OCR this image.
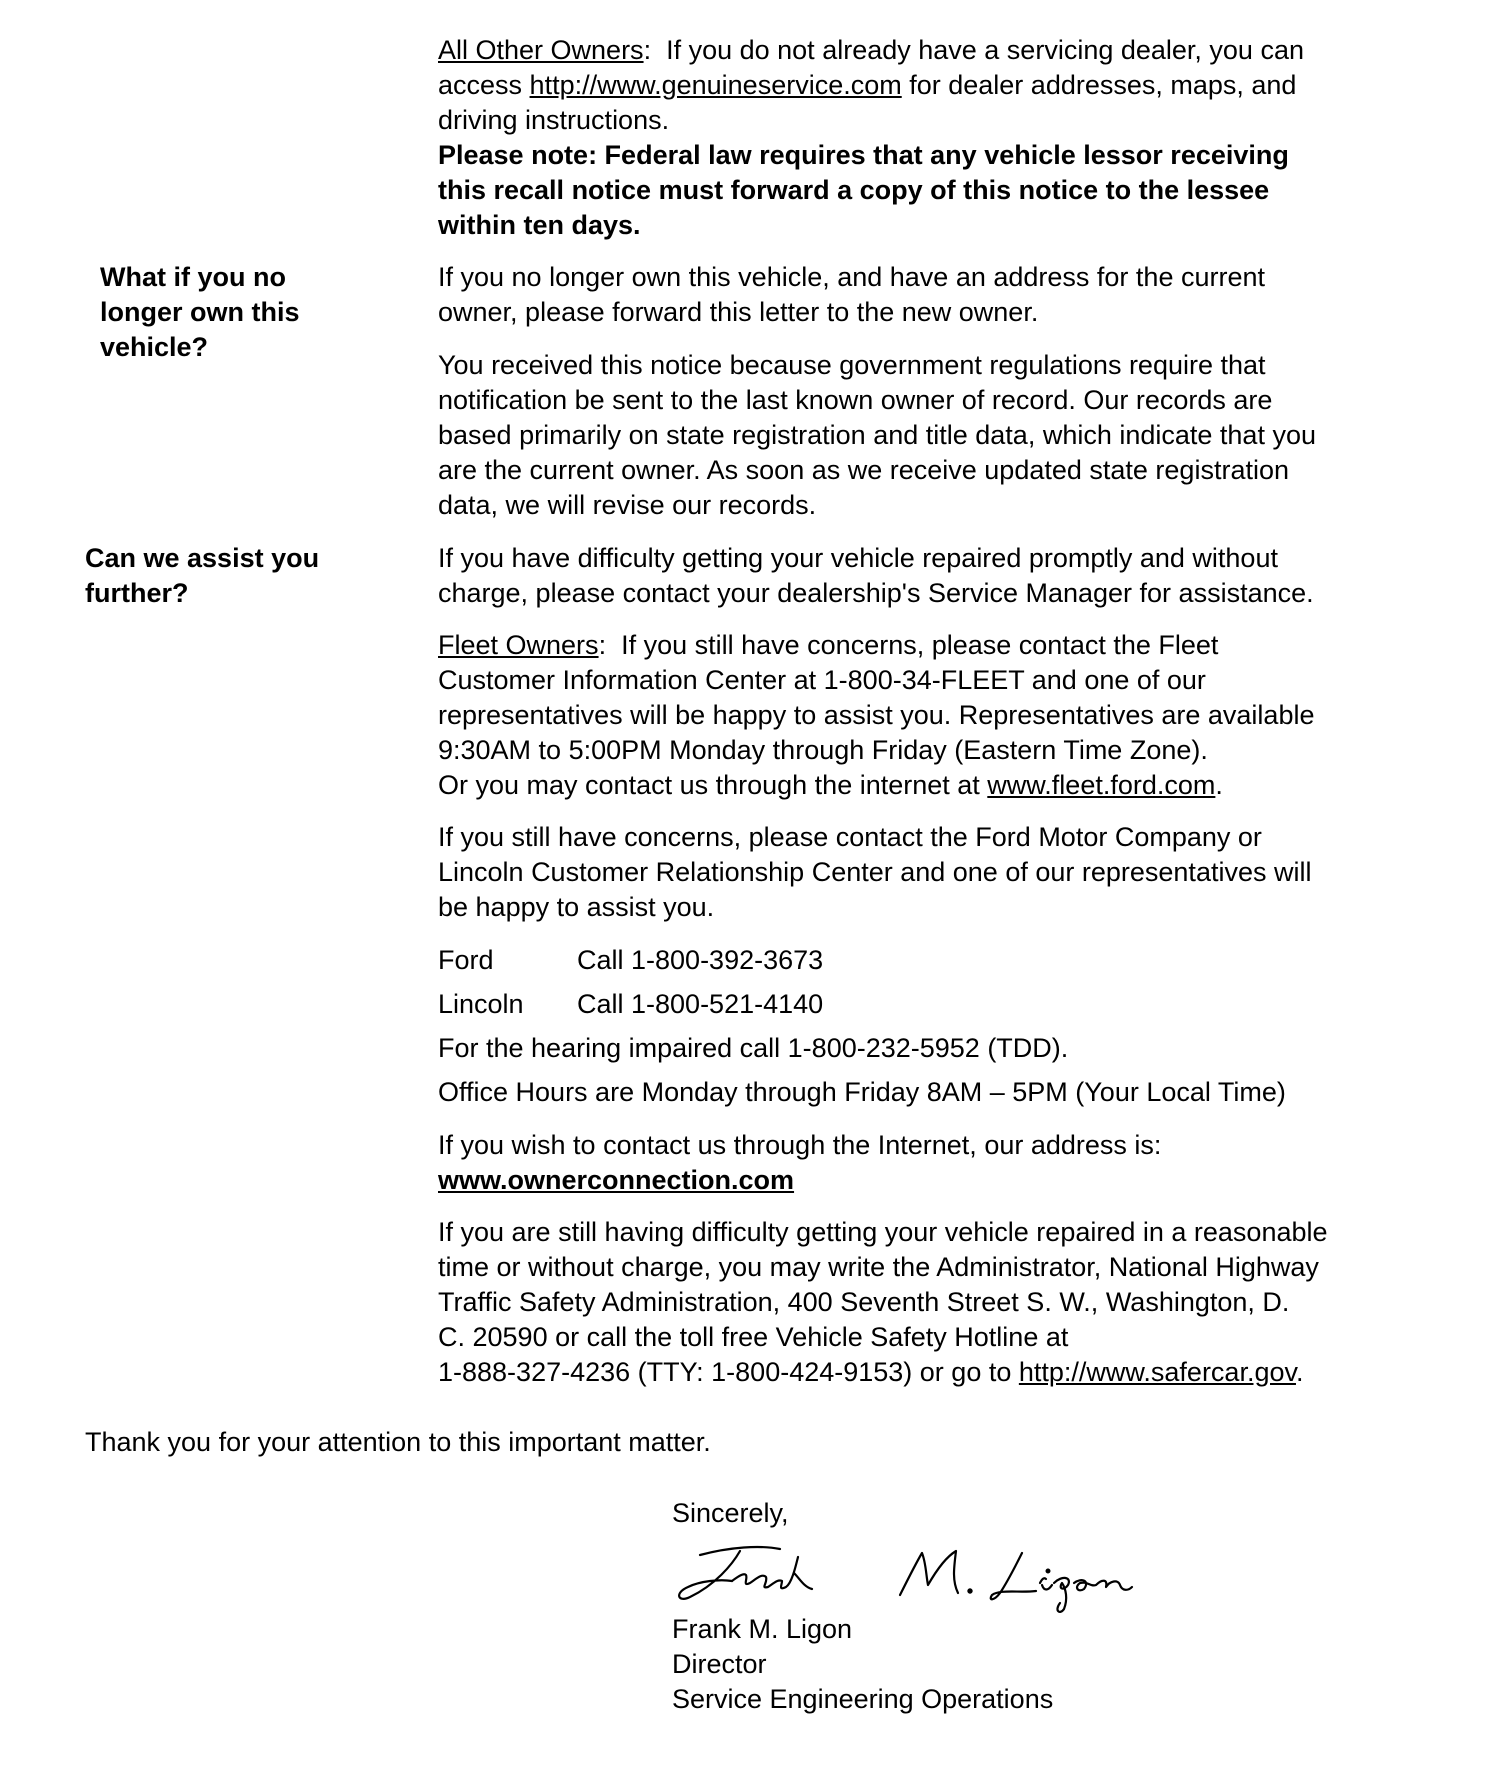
All Other Owners:  If you do not already have a servicing dealer, you can

access http://www.genuineservice.com for dealer addresses, maps, and

driving instructions.

Please note: Federal law requires that any vehicle lessor receiving

this recall notice must forward a copy of this notice to the lessee

within ten days.

What if you no

longer own this

vehicle?

If you no longer own this vehicle, and have an address for the current

owner, please forward this letter to the new owner.

You received this notice because government regulations require that

notification be sent to the last known owner of record. Our records are

based primarily on state registration and title data, which indicate that you

are the current owner. As soon as we receive updated state registration

data, we will revise our records.

Can we assist you

further?

If you have difficulty getting your vehicle repaired promptly and without

charge, please contact your dealership's Service Manager for assistance.

Fleet Owners:  If you still have concerns, please contact the Fleet

Customer Information Center at 1-800-34-FLEET and one of our

representatives will be happy to assist you. Representatives are available

9:30AM to 5:00PM Monday through Friday (Eastern Time Zone).

Or you may contact us through the internet at www.fleet.ford.com.

If you still have concerns, please contact the Ford Motor Company or

Lincoln Customer Relationship Center and one of our representatives will

be happy to assist you.

Ford	Call 1-800-392-3673
Lincoln	Call 1-800-521-4140

For the hearing impaired call 1-800-232-5952 (TDD).

Office Hours are Monday through Friday 8AM – 5PM (Your Local Time)

If you wish to contact us through the Internet, our address is:

www.ownerconnection.com

If you are still having difficulty getting your vehicle repaired in a reasonable

time or without charge, you may write the Administrator, National Highway

Traffic Safety Administration, 400 Seventh Street S. W., Washington, D.

C. 20590 or call the toll free Vehicle Safety Hotline at

1-888-327-4236 (TTY: 1-800-424-9153) or go to http://www.safercar.gov.

Thank you for your attention to this important matter.

Sincerely,

Frank M. Ligon

Director

Service Engineering Operations
